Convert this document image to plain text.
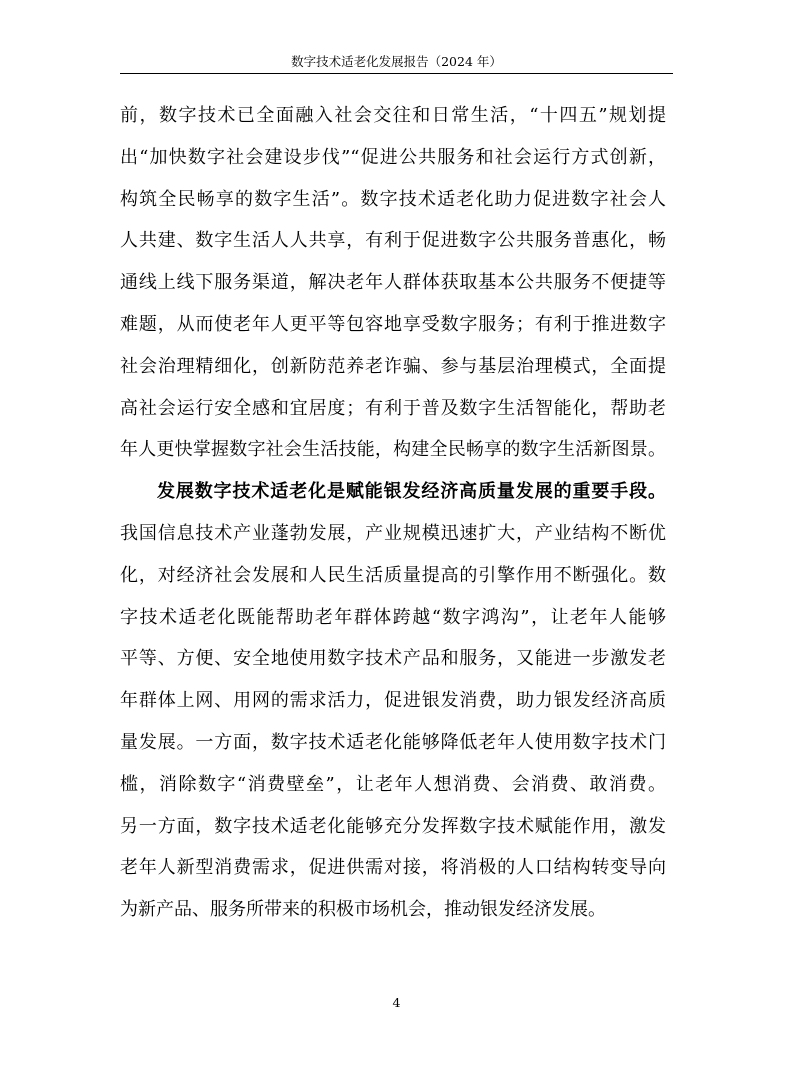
数字技术适老化发展报告（2024 年）
前，数字技术已全面融入社会交往和日常生活，“十四五”规划提
出“加快数字社会建设步伐”“促进公共服务和社会运行方式创新，
构筑全民畅享的数字生活”。数字技术适老化助力促进数字社会人
人共建、数字生活人人共享，有利于促进数字公共服务普惠化，畅
通线上线下服务渠道，解决老年人群体获取基本公共服务不便捷等
难题，从而使老年人更平等包容地享受数字服务；有利于推进数字
社会治理精细化，创新防范养老诈骗、参与基层治理模式，全面提
高社会运行安全感和宜居度；有利于普及数字生活智能化，帮助老
年人更快掌握数字社会生活技能，构建全民畅享的数字生活新图景。
发展数字技术适老化是赋能银发经济高质量发展的重要手段。
我国信息技术产业蓬勃发展，产业规模迅速扩大，产业结构不断优
化，对经济社会发展和人民生活质量提高的引擎作用不断强化。数
字技术适老化既能帮助老年群体跨越“数字鸿沟”，让老年人能够
平等、方便、安全地使用数字技术产品和服务，又能进一步激发老
年群体上网、用网的需求活力，促进银发消费，助力银发经济高质
量发展。一方面，数字技术适老化能够降低老年人使用数字技术门
槛，消除数字“消费壁垒”，让老年人想消费、会消费、敢消费。
另一方面，数字技术适老化能够充分发挥数字技术赋能作用，激发
老年人新型消费需求，促进供需对接，将消极的人口结构转变导向
为新产品、服务所带来的积极市场机会，推动银发经济发展。
4
